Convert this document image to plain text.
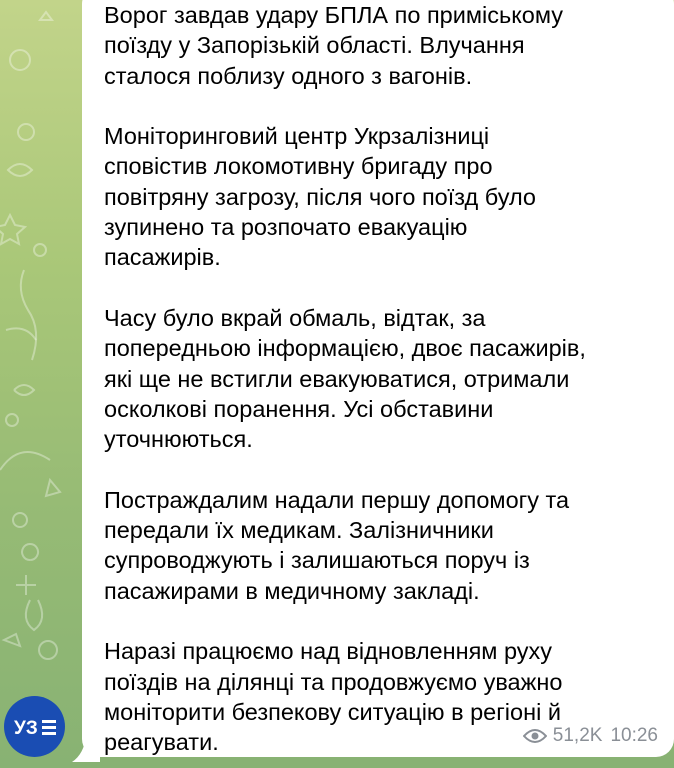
Ворог завдав удару БПЛА по приміському
поїзду у Запорізькій області. Влучання
сталося поблизу одного з вагонів.

Моніторинговий центр Укрзалізниці
сповістив локомотивну бригаду про
повітряну загрозу, після чого поїзд було
зупинено та розпочато евакуацію
пасажирів.

Часу було вкрай обмаль, відтак, за
попередньою інформацією, двоє пасажирів,
які ще не встигли евакуюватися, отримали
осколкові поранення. Усі обставини
уточнюються.

Постраждалим надали першу допомогу та
передали їх медикам. Залізничники
супроводжують і залишаються поруч із
пасажирами в медичному закладі.

Наразі працюємо над відновленням руху
поїздів на ділянці та продовжуємо уважно
моніторити безпекову ситуацію в регіоні й
реагувати.	51,2K 10:26
УЗ
